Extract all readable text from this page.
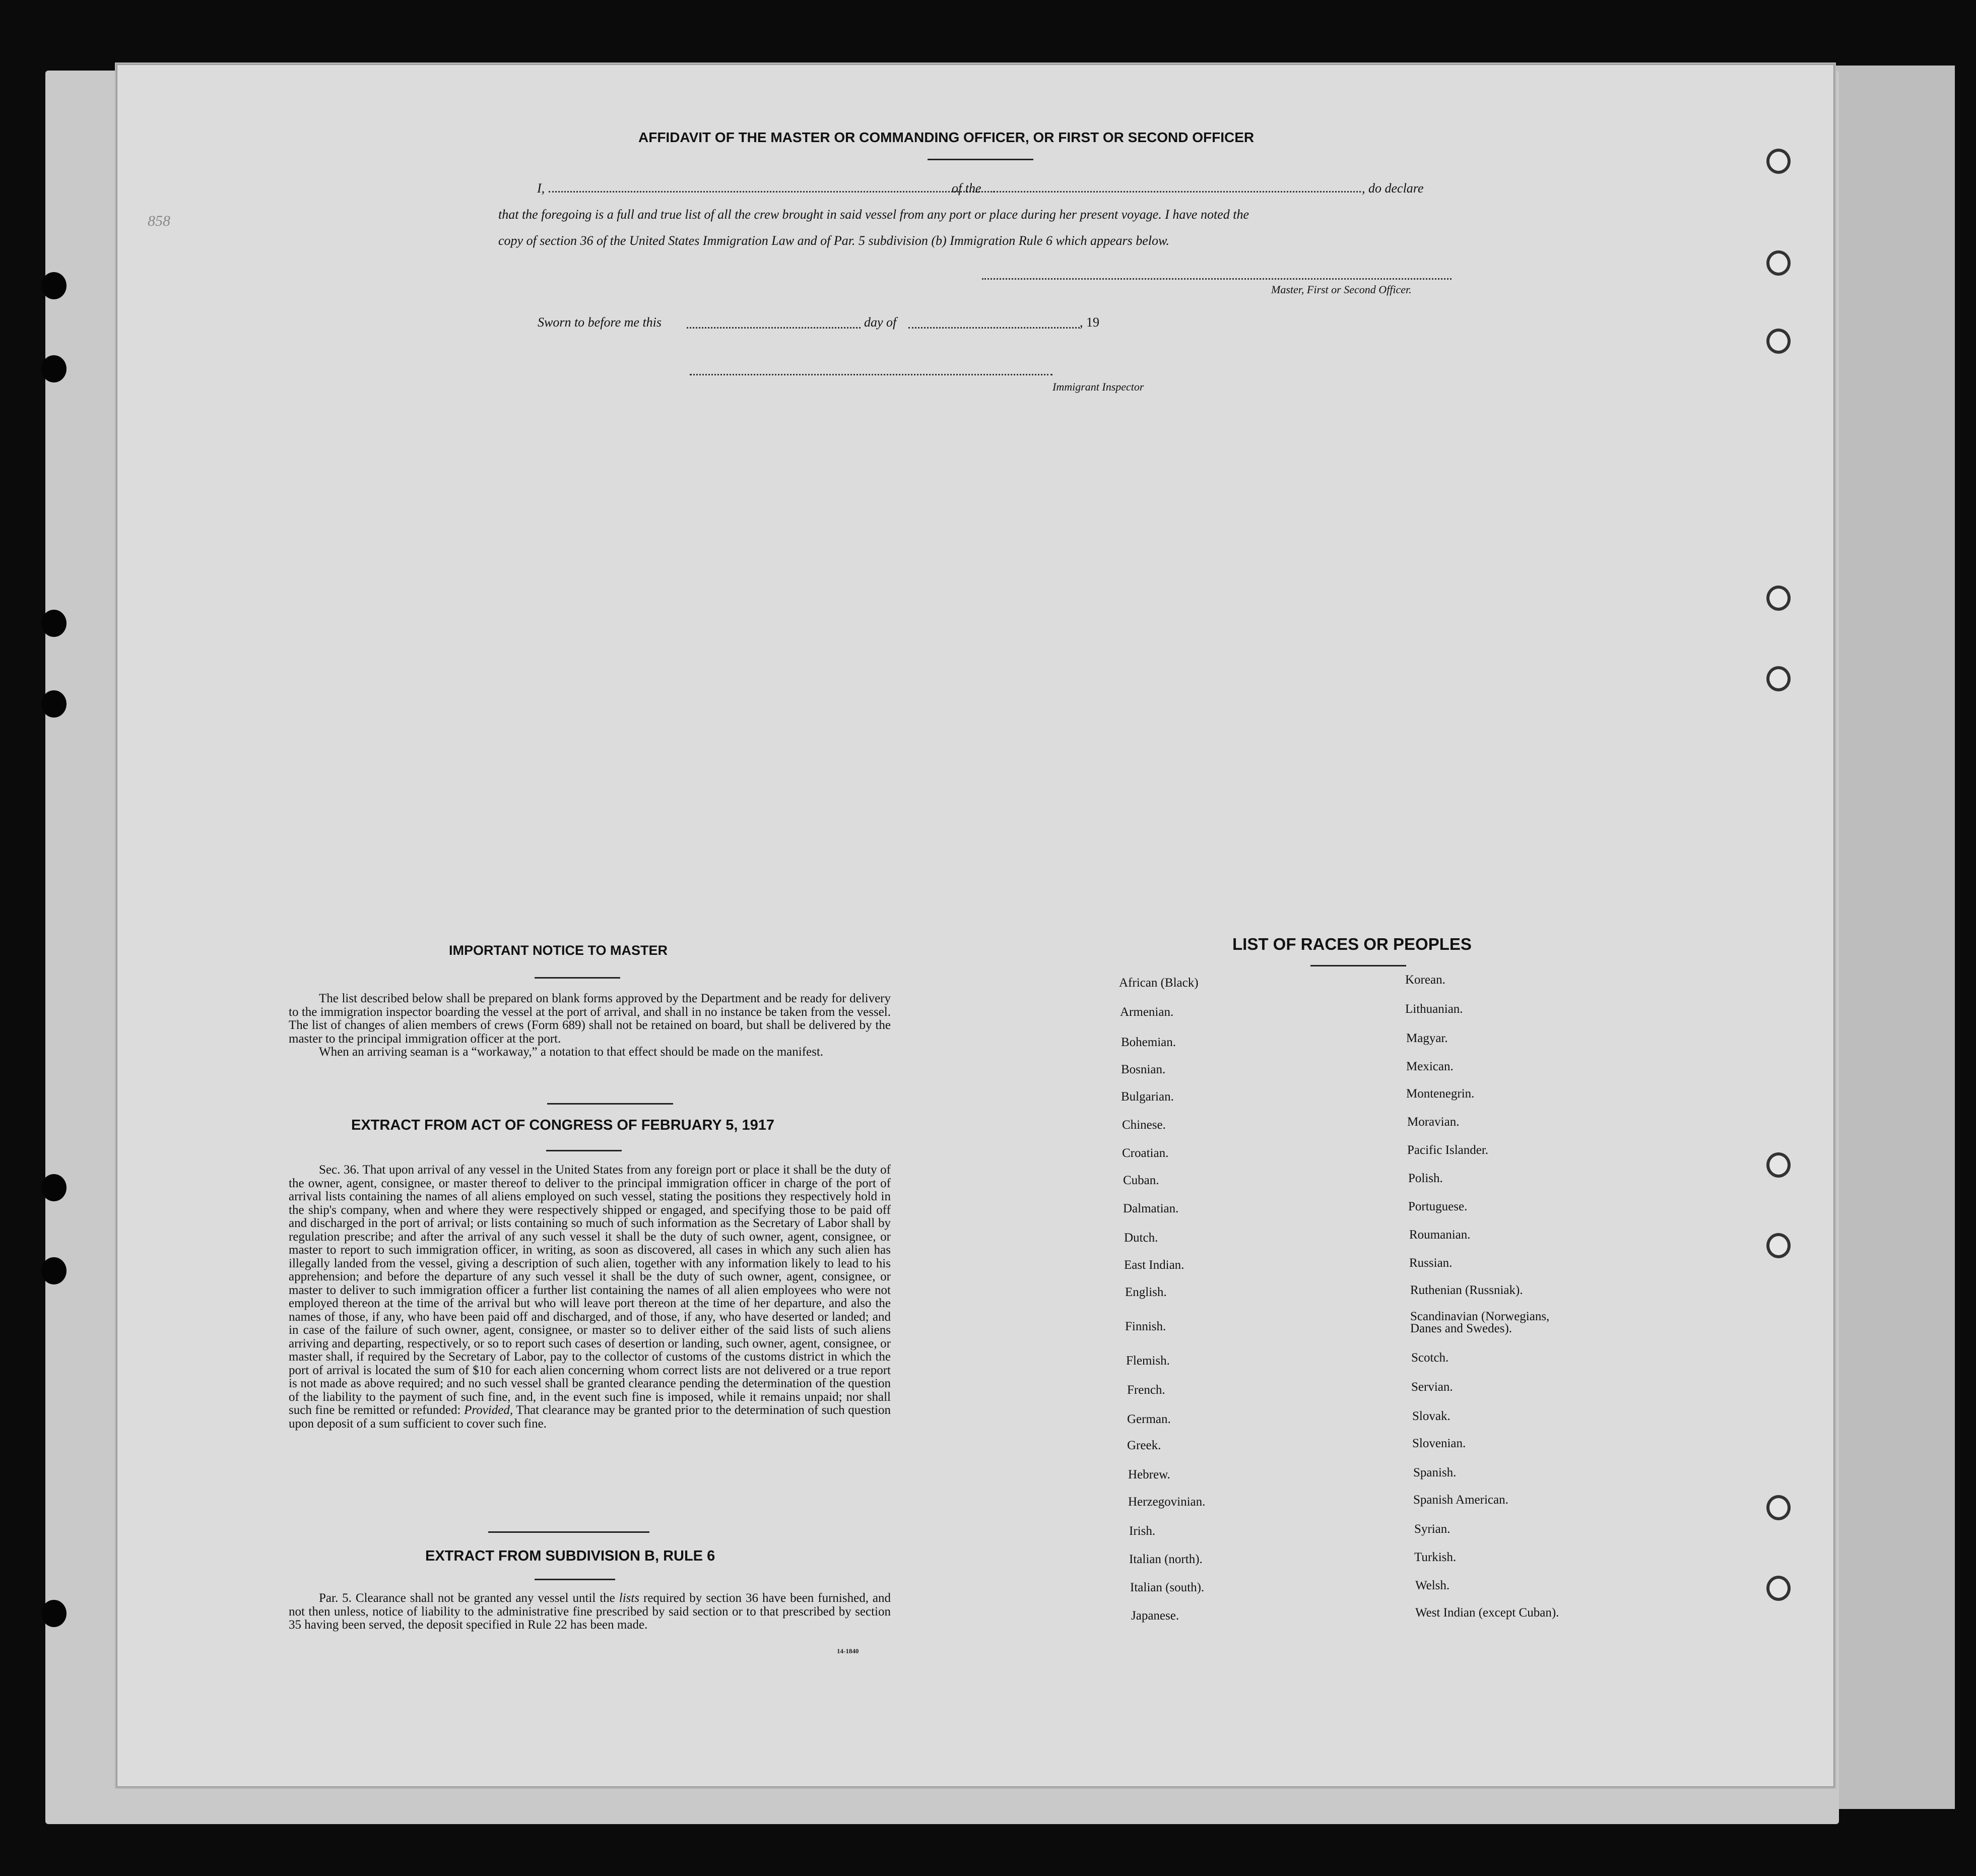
858
AFFIDAVIT OF THE MASTER OR COMMANDING OFFICER, OR FIRST OR SECOND OFFICER
I,	of the	, do declare
that the foregoing is a full and true list of all the crew brought in said vessel from any port or place during her present voyage. I have noted the
copy of section 36 of the United States Immigration Law and of Par. 5 subdivision (b) Immigration Rule 6 which appears below.
Master, First or Second Officer.
Sworn to before me this	day of	, 19
Immigrant Inspector
IMPORTANT NOTICE TO MASTER

The list described below shall be prepared on blank forms approved by the Department and be ready for delivery to the immigration inspector boarding the vessel at the port of arrival, and shall in no instance be taken from the vessel. The list of changes of alien members of crews (Form 689) shall not be retained on board, but shall be delivered by the master to the principal immigration officer at the port.

When an arriving seaman is a “workaway,” a notation to that effect should be made on the manifest.

EXTRACT FROM ACT OF CONGRESS OF FEBRUARY 5, 1917

Sec. 36. That upon arrival of any vessel in the United States from any foreign port or place it shall be the duty of the owner, agent, consignee, or master thereof to deliver to the principal immigration officer in charge of the port of arrival lists containing the names of all aliens employed on such vessel, stating the positions they respectively hold in the ship's company, when and where they were respectively shipped or engaged, and specifying those to be paid off and discharged in the port of arrival; or lists containing so much of such information as the Secretary of Labor shall by regulation prescribe; and after the arrival of any such vessel it shall be the duty of such owner, agent, consignee, or master to report to such immigration officer, in writing, as soon as discovered, all cases in which any such alien has illegally landed from the vessel, giving a description of such alien, together with any information likely to lead to his apprehension; and before the departure of any such vessel it shall be the duty of such owner, agent, consignee, or master to deliver to such immigration officer a further list containing the names of all alien employees who were not employed thereon at the time of the arrival but who will leave port thereon at the time of her departure, and also the names of those, if any, who have been paid off and discharged, and of those, if any, who have deserted or landed; and in case of the failure of such owner, agent, consignee, or master so to deliver either of the said lists of such aliens arriving and departing, respectively, or so to report such cases of desertion or landing, such owner, agent, consignee, or master shall, if required by the Secretary of Labor, pay to the collector of customs of the customs district in which the port of arrival is located the sum of $10 for each alien concerning whom correct lists are not delivered or a true report is not made as above required; and no such vessel shall be granted clearance pending the determination of the question of the liability to the payment of such fine, and, in the event such fine is imposed, while it remains unpaid; nor shall such fine be remitted or refunded: Provided, That clearance may be granted prior to the determination of such question upon deposit of a sum sufficient to cover such fine.

EXTRACT FROM SUBDIVISION B, RULE 6

Par. 5. Clearance shall not be granted any vessel until the lists required by section 36 have been furnished, and not then unless, notice of liability to the administrative fine prescribed by said section or to that prescribed by section 35 having been served, the deposit specified in Rule 22 has been made.

14-1840
LIST OF RACES OR PEOPLES
African (Black)
Armenian.
Bohemian.
Bosnian.
Bulgarian.
Chinese.
Croatian.
Cuban.
Dalmatian.
Dutch.
East Indian.
English.
Finnish.
Flemish.
French.
German.
Greek.
Hebrew.
Herzegovinian.
Irish.
Italian (north).
Italian (south).
Japanese.
Korean.
Lithuanian.
Magyar.
Mexican.
Montenegrin.
Moravian.
Pacific Islander.
Polish.
Portuguese.
Roumanian.
Russian.
Ruthenian (Russniak).
Scandinavian (Norwegians, Danes and Swedes).
Scotch.
Servian.
Slovak.
Slovenian.
Spanish.
Spanish American.
Syrian.
Turkish.
Welsh.
West Indian (except Cuban).
